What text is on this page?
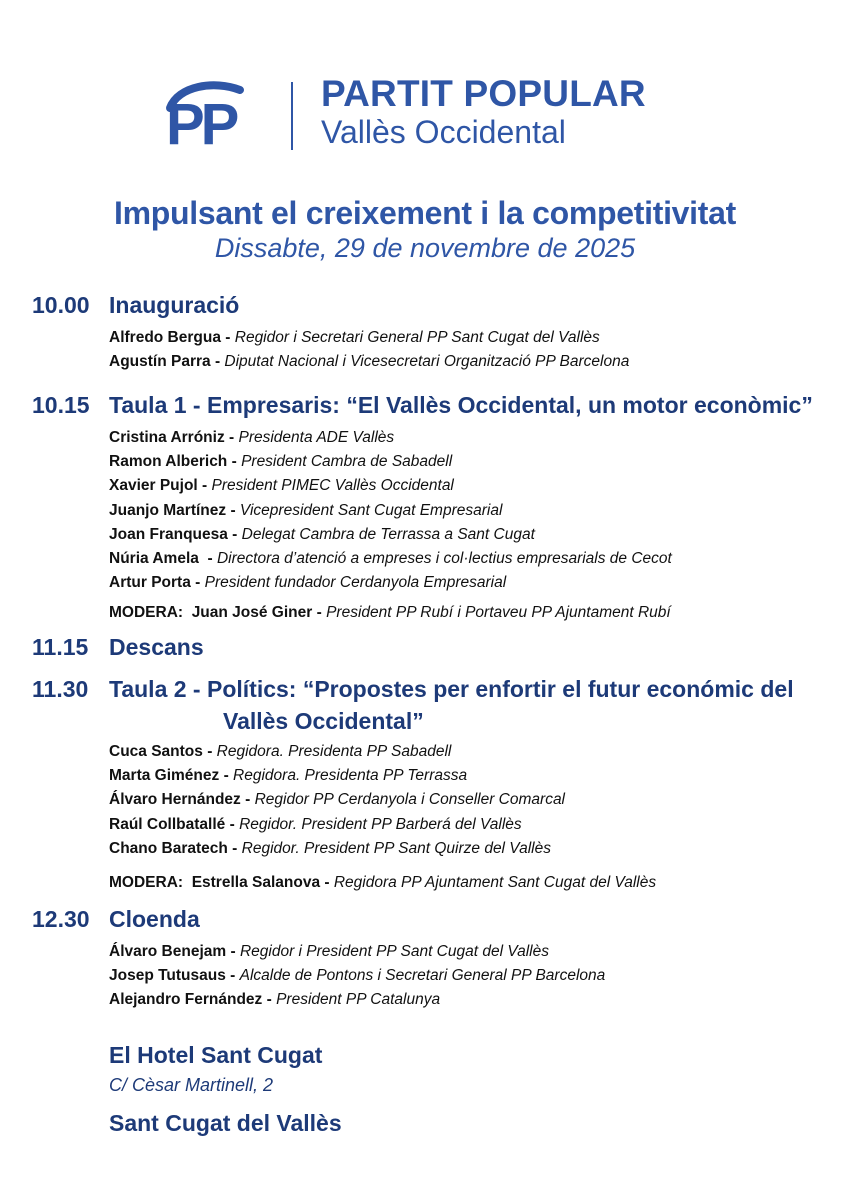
PP PARTIT POPULAR
Vallès Occidental
Impulsant el creixement i la competitivitat
Dissabte, 29 de novembre de 2025
10.00 Inauguració
Alfredo Bergua - Regidor i Secretari General PP Sant Cugat del Vallès
Agustín Parra - Diputat Nacional i Vicesecretari Organització PP Barcelona
10.15 Taula 1 - Empresaris: “El Vallès Occidental, un motor econòmic”
Cristina Arróniz - Presidenta ADE Vallès
Ramon Alberich - President Cambra de Sabadell
Xavier Pujol - President PIMEC Vallès Occidental
Juanjo Martínez - Vicepresident Sant Cugat Empresarial
Joan Franquesa - Delegat Cambra de Terrassa a Sant Cugat
Núria Amela  - Directora d’atenció a empreses i col·lectius empresarials de Cecot
Artur Porta - President fundador Cerdanyola Empresarial
MODERA: Juan José Giner - President PP Rubí i Portaveu PP Ajuntament Rubí
11.15 Descans
11.30 Taula 2 - Polítics: “Propostes per enfortir el futur económic del
Vallès Occidental”
Cuca Santos - Regidora. Presidenta PP Sabadell
Marta Giménez - Regidora. Presidenta PP Terrassa
Álvaro Hernández - Regidor PP Cerdanyola i Conseller Comarcal
Raúl Collbatallé - Regidor. President PP Barberá del Vallès
Chano Baratech - Regidor. President PP Sant Quirze del Vallès
MODERA: Estrella Salanova - Regidora PP Ajuntament Sant Cugat del Vallès
12.30 Cloenda
Álvaro Benejam - Regidor i President PP Sant Cugat del Vallès
Josep Tutusaus - Alcalde de Pontons i Secretari General PP Barcelona
Alejandro Fernández - President PP Catalunya
El Hotel Sant Cugat
C/ Cèsar Martinell, 2
Sant Cugat del Vallès
